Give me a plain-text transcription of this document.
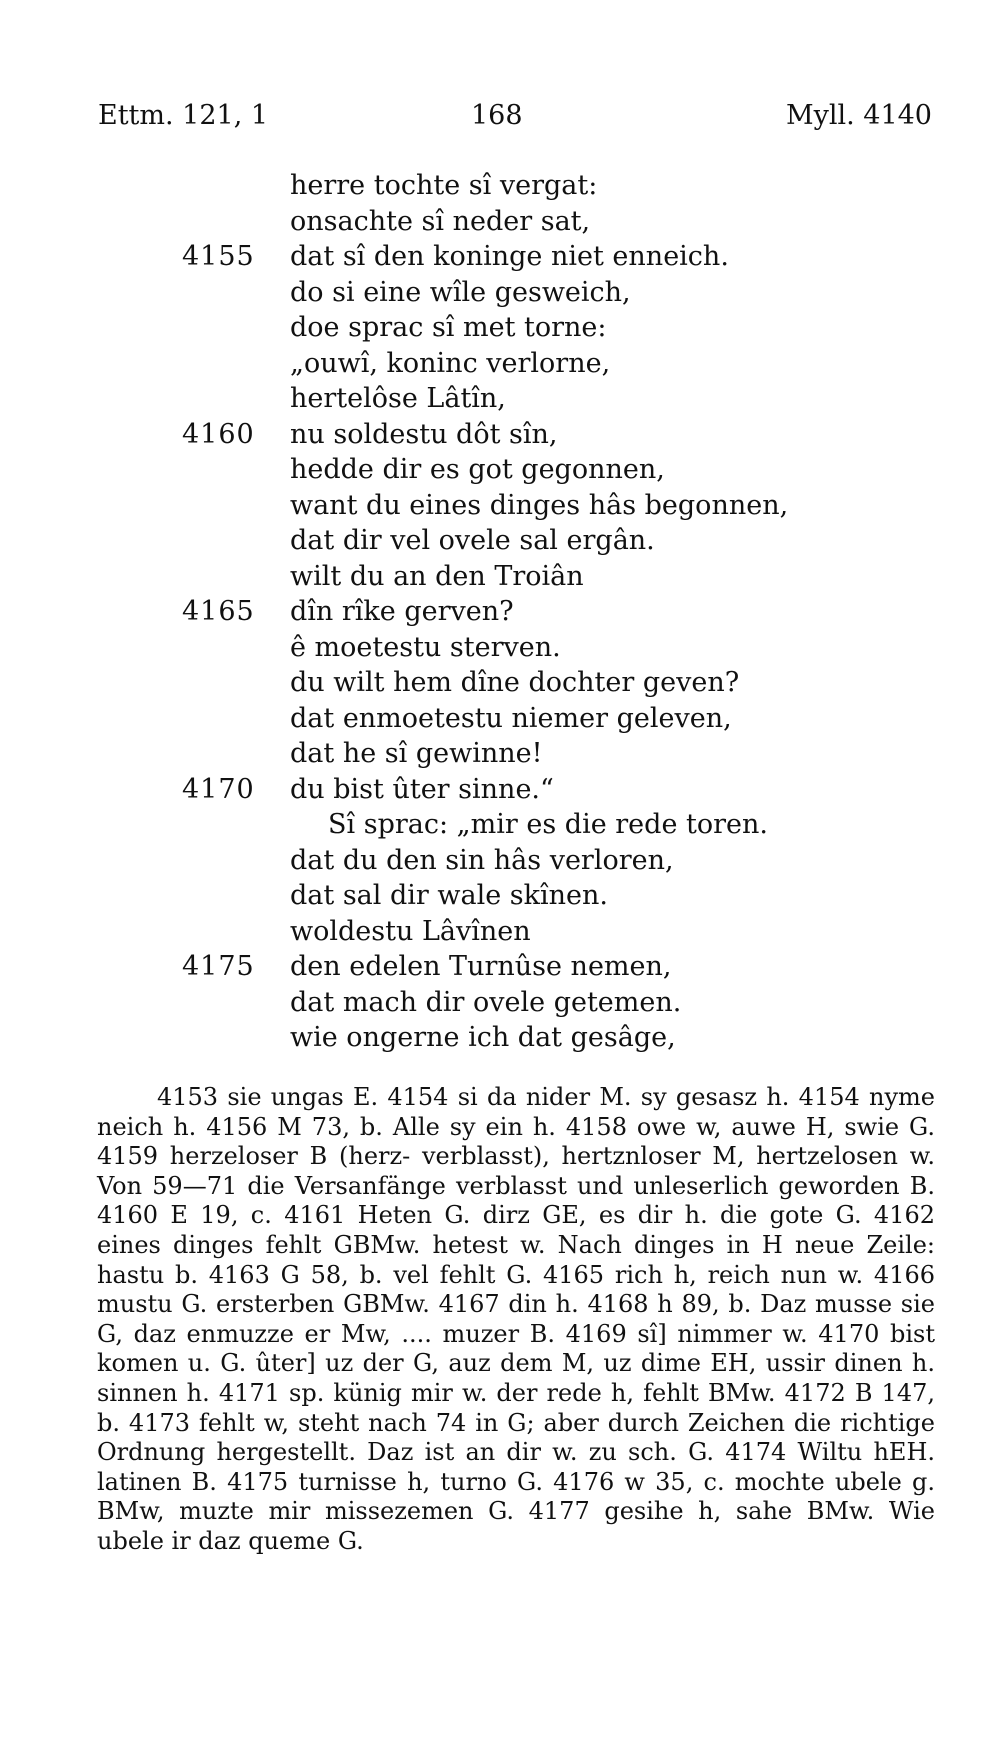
Ettm. 121, 1	168	Myll. 4140
herre tochte sî vergat:
onsachte sî neder sat,
4155 dat sî den koninge niet enneich.
do si eine wîle gesweich,
doe sprac sî met torne:
„ouwî, koninc verlorne,
hertelôse Lâtîn,
4160 nu soldestu dôt sîn,
hedde dir es got gegonnen,
want du eines dinges hâs begonnen,
dat dir vel ovele sal ergân.
wilt du an den Troiân
4165 dîn rîke gerven?
ê moetestu sterven.
du wilt hem dîne dochter geven?
dat enmoetestu niemer geleven,
dat he sî gewinne!
4170 du bist ûter sinne.“
Sî sprac: „mir es die rede toren.
dat du den sin hâs verloren,
dat sal dir wale skînen.
woldestu Lâvînen
4175 den edelen Turnûse nemen,
dat mach dir ovele getemen.
wie ongerne ich dat gesâge,

4153 sie ungas E. 4154 si da nider M. sy gesasz h. 4154 nyme neich h. 4156 M 73, b. Alle sy ein h. 4158 owe w, auwe H, swie G. 4159 herzeloser B (herz- verblasst), hertznloser M, hertzelosen w. Von 59—71 die Versanfänge verblasst und unleserlich geworden B. 4160 E 19, c. 4161 Heten G. dirz GE, es dir h. die gote G. 4162 eines dinges fehlt GBMw. hetest w. Nach dinges in H neue Zeile: hastu b. 4163 G 58, b. vel fehlt G. 4165 rich h, reich nun w. 4166 mustu G. ersterben GBMw. 4167 din h. 4168 h 89, b. Daz musse sie G, daz enmuzze er Mw, .... muzer B. 4169 sî] nimmer w. 4170 bist komen u. G. ûter] uz der G, auz dem M, uz dime EH, ussir dinen h. sinnen h. 4171 sp. künig mir w. der rede h, fehlt BMw. 4172 B 147, b. 4173 fehlt w, steht nach 74 in G; aber durch Zeichen die richtige Ordnung hergestellt. Daz ist an dir w. zu sch. G. 4174 Wiltu hEH. latinen B. 4175 turnisse h, turno G. 4176 w 35, c. mochte ubele g. BMw, muzte mir missezemen G. 4177 gesihe h, sahe BMw. Wie ubele ir daz queme G.
